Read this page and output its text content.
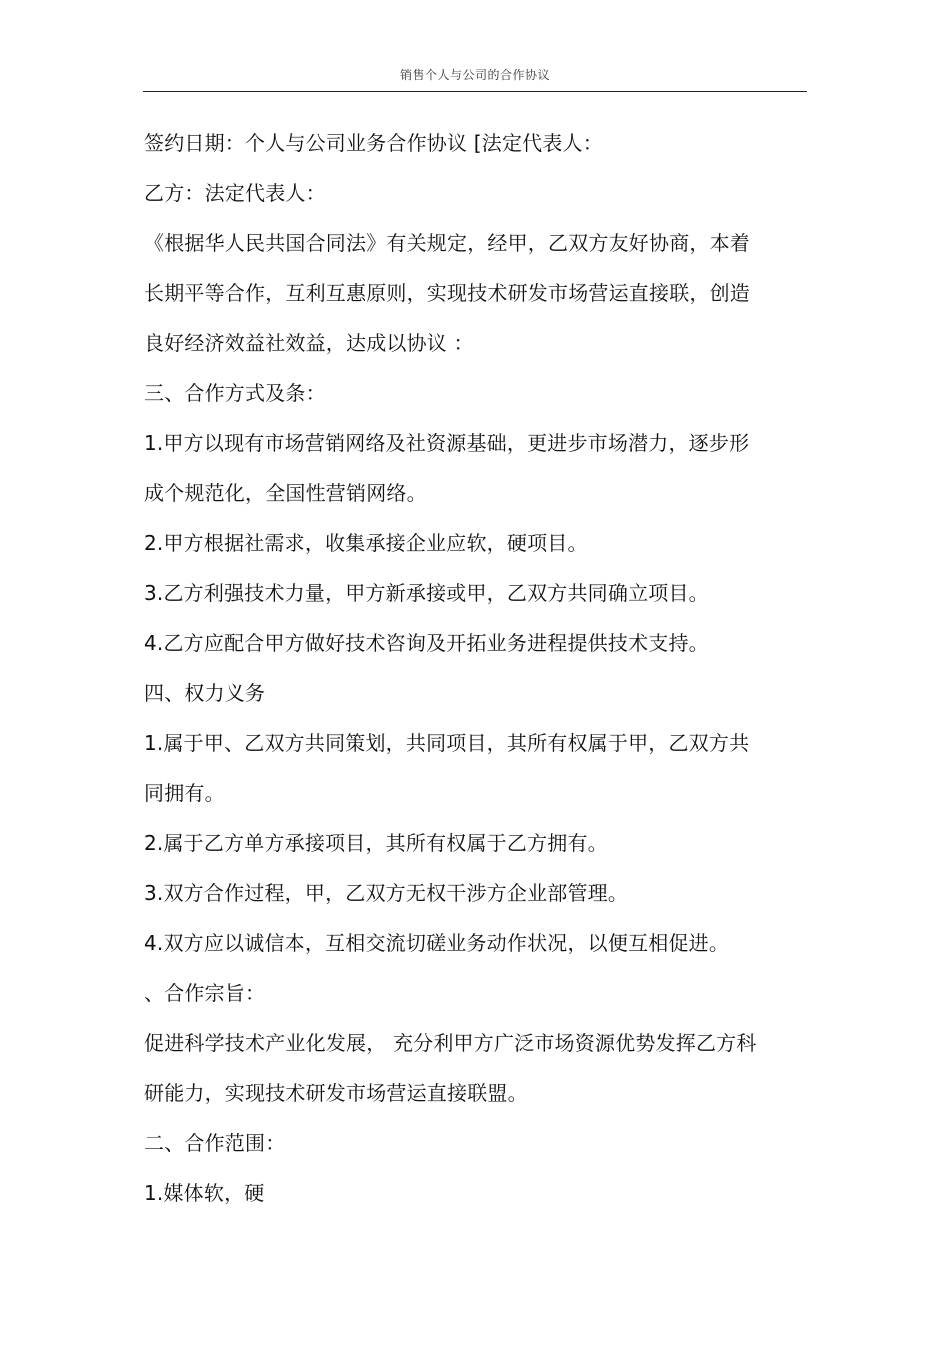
销售个人与公司的合作协议
签约日期：个人与公司业务合作协议 [法定代表人：
乙方：法定代表人：
《根据华人民共国合同法》有关规定，经甲，乙双方友好协商，本着
长期平等合作，互利互惠原则，实现技术研发市场营运直接联，创造
良好经济效益社效益，达成以协议 ：
三、合作方式及条：
1.甲方以现有市场营销网络及社资源基础，更进步市场潜力，逐步形
成个规范化，全国性营销网络。
2.甲方根据社需求，收集承接企业应软，硬项目。
3.乙方利强技术力量，甲方新承接或甲，乙双方共同确立项目。
4.乙方应配合甲方做好技术咨询及开拓业务进程提供技术支持。
四、权力义务
1.属于甲、乙双方共同策划，共同项目，其所有权属于甲，乙双方共
同拥有。
2.属于乙方单方承接项目，其所有权属于乙方拥有。
3.双方合作过程，甲，乙双方无权干涉方企业部管理。
4.双方应以诚信本，互相交流切磋业务动作状况，以便互相促进。
、合作宗旨：
促进科学技术产业化发展， 充分利甲方广泛市场资源优势发挥乙方科
研能力，实现技术研发市场营运直接联盟。
二、合作范围：
1.媒体软，硬
